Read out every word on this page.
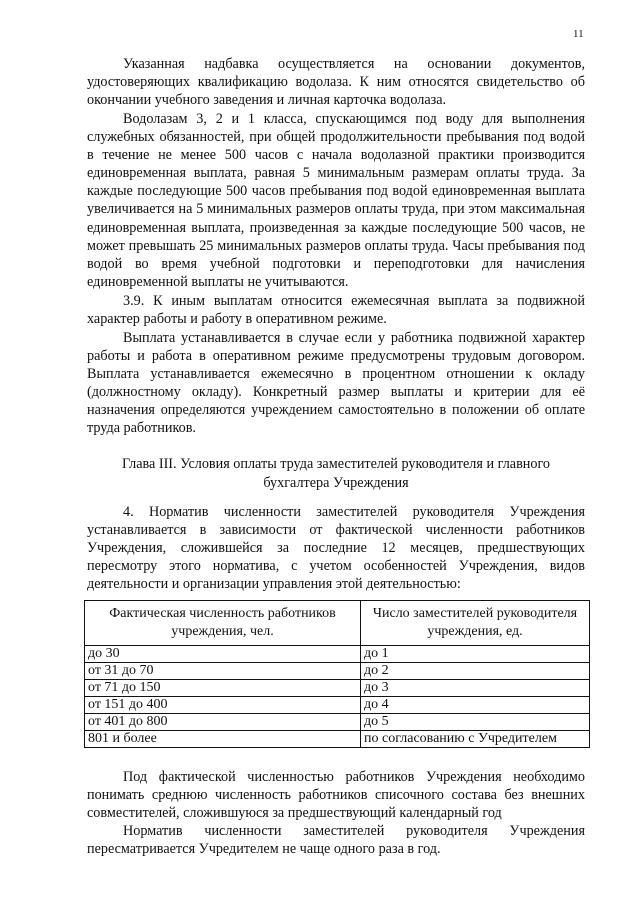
11

Указанная надбавка осуществляется на основании документов, удостоверяющих квалификацию водолаза. К ним относятся свидетельство об окончании учебного заведения и личная карточка водолаза.

Водолазам 3, 2 и 1 класса, спускающимся под воду для выполнения служебных обязанностей, при общей продолжительности пребывания под водой в течение не менее 500 часов с начала водолазной практики производится единовременная выплата, равная 5 минимальным размерам оплаты труда. За каждые последующие 500 часов пребывания под водой единовременная выплата увеличивается на 5 минимальных размеров оплаты труда, при этом максимальная единовременная выплата, произведенная за каждые последующие 500 часов, не может превышать 25 минимальных размеров оплаты труда. Часы пребывания под водой во время учебной подготовки и переподготовки для начисления единовременной выплаты не учитываются.

3.9. К иным выплатам относится ежемесячная выплата за подвижной характер работы и работу в оперативном режиме.

Выплата устанавливается в случае если у работника подвижной характер работы и работа в оперативном режиме предусмотрены трудовым договором. Выплата устанавливается ежемесячно в процентном отношении к окладу (должностному окладу). Конкретный размер выплаты и критерии для её назначения определяются учреждением самостоятельно в положении об оплате труда работников.

Глава III. Условия оплаты труда заместителей руководителя и главного

бухгалтера Учреждения

4. Норматив численности заместителей руководителя Учреждения устанавливается в зависимости от фактической численности работников Учреждения, сложившейся за последние 12 месяцев, предшествующих пересмотру этого норматива, с учетом особенностей Учреждения, видов деятельности и организации управления этой деятельностью:

Фактическая численность работников учреждения, чел.	Число заместителей руководителя учреждения, ед.
до 30	до 1
от 31 до 70	до 2
от 71 до 150	до 3
от 151 до 400	до 4
от 401 до 800	до 5
801 и более	по согласованию с Учредителем

Под фактической численностью работников Учреждения необходимо понимать среднюю численность работников списочного состава без внешних совместителей, сложившуюся за предшествующий календарный год

Норматив численности заместителей руководителя Учреждения пересматривается Учредителем не чаще одного раза в год.
